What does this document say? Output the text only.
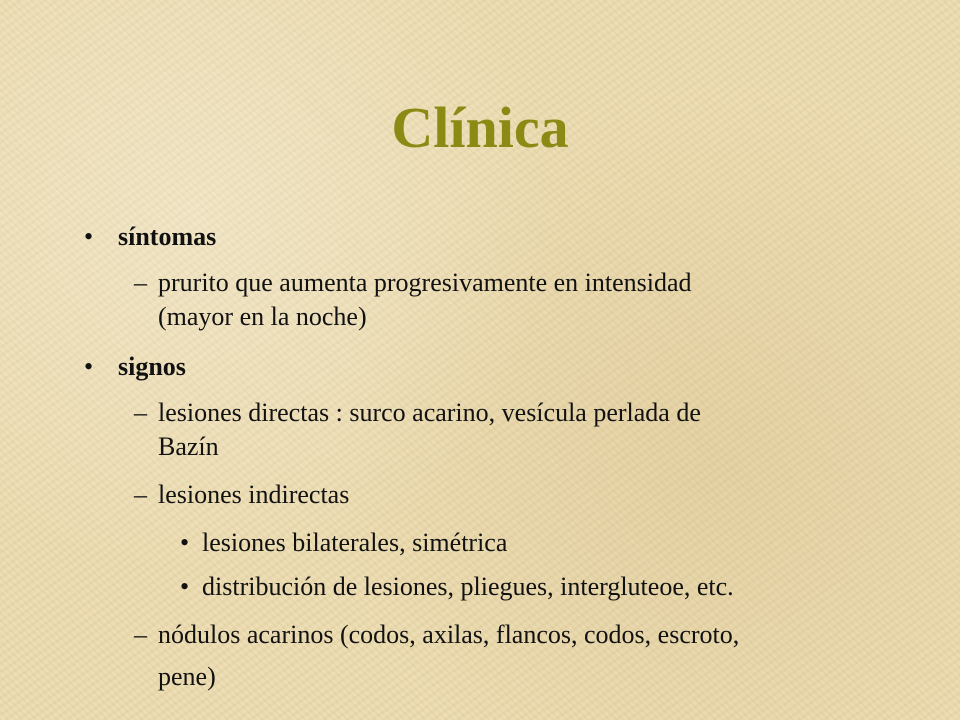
Clínica
• síntomas
– prurito que aumenta progresivamente en intensidad
(mayor en la noche)
• signos
– lesiones directas : surco acarino, vesícula perlada de
Bazín
– lesiones indirectas
• lesiones bilaterales, simétrica
• distribución de lesiones, pliegues, intergluteoe, etc.
– nódulos acarinos (codos, axilas, flancos, codos, escroto,
pene)
